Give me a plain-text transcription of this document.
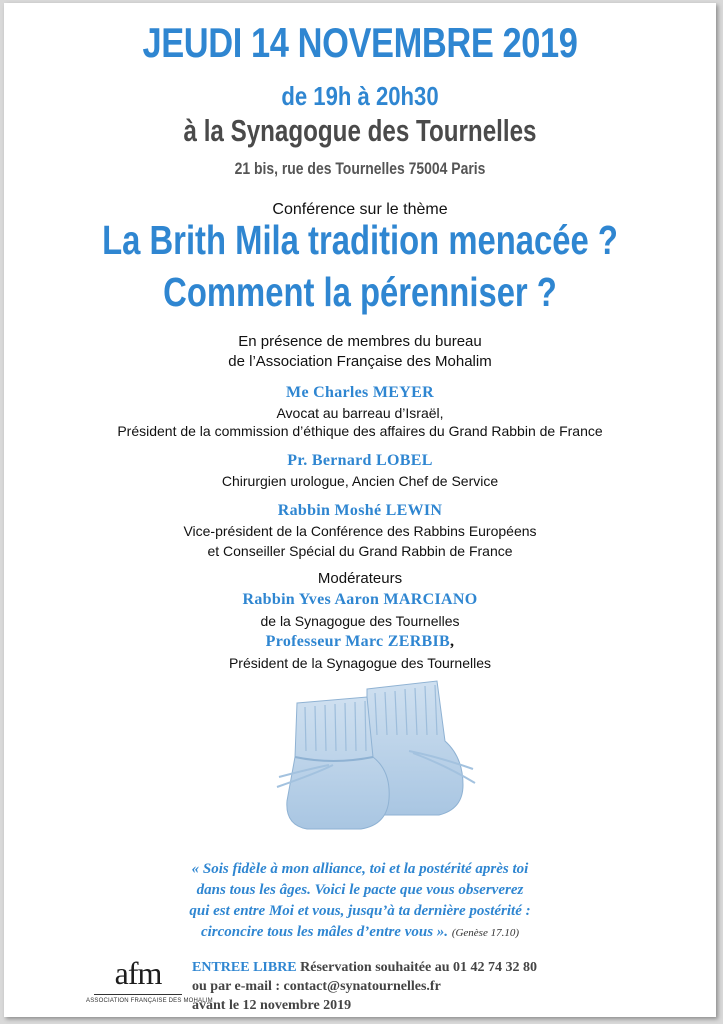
JEUDI 14 NOVEMBRE 2019
de 19h à 20h30
à la Synagogue des Tournelles
21 bis, rue des Tournelles 75004 Paris
Conférence sur le thème
La Brith Mila tradition menacée ?
Comment la pérenniser ?
En présence de membres du bureau
de l’Association Française des Mohalim
Me Charles MEYER
Avocat au barreau d’Israël,
Président de la commission d’éthique des affaires du Grand Rabbin de France
Pr. Bernard LOBEL
Chirurgien urologue, Ancien Chef de Service
Rabbin Moshé LEWIN
Vice-président de la Conférence des Rabbins Européens
et Conseiller Spécial du Grand Rabbin de France
Modérateurs
Rabbin Yves Aaron MARCIANO
de la Synagogue des Tournelles
Professeur Marc ZERBIB,
Président de la Synagogue des Tournelles
« Sois fidèle à mon alliance, toi et la postérité après toi
dans tous les âges. Voici le pacte que vous observerez
qui est entre Moi et vous, jusqu’à ta dernière postérité :
circoncire tous les mâles d’entre vous ». (Genèse 17.10)
afm
ASSOCIATION FRANÇAISE DES MOHALIM
ENTREE LIBRE Réservation souhaitée au 01 42 74 32 80
ou par e-mail : contact@synatournelles.fr
avant le 12 novembre 2019
